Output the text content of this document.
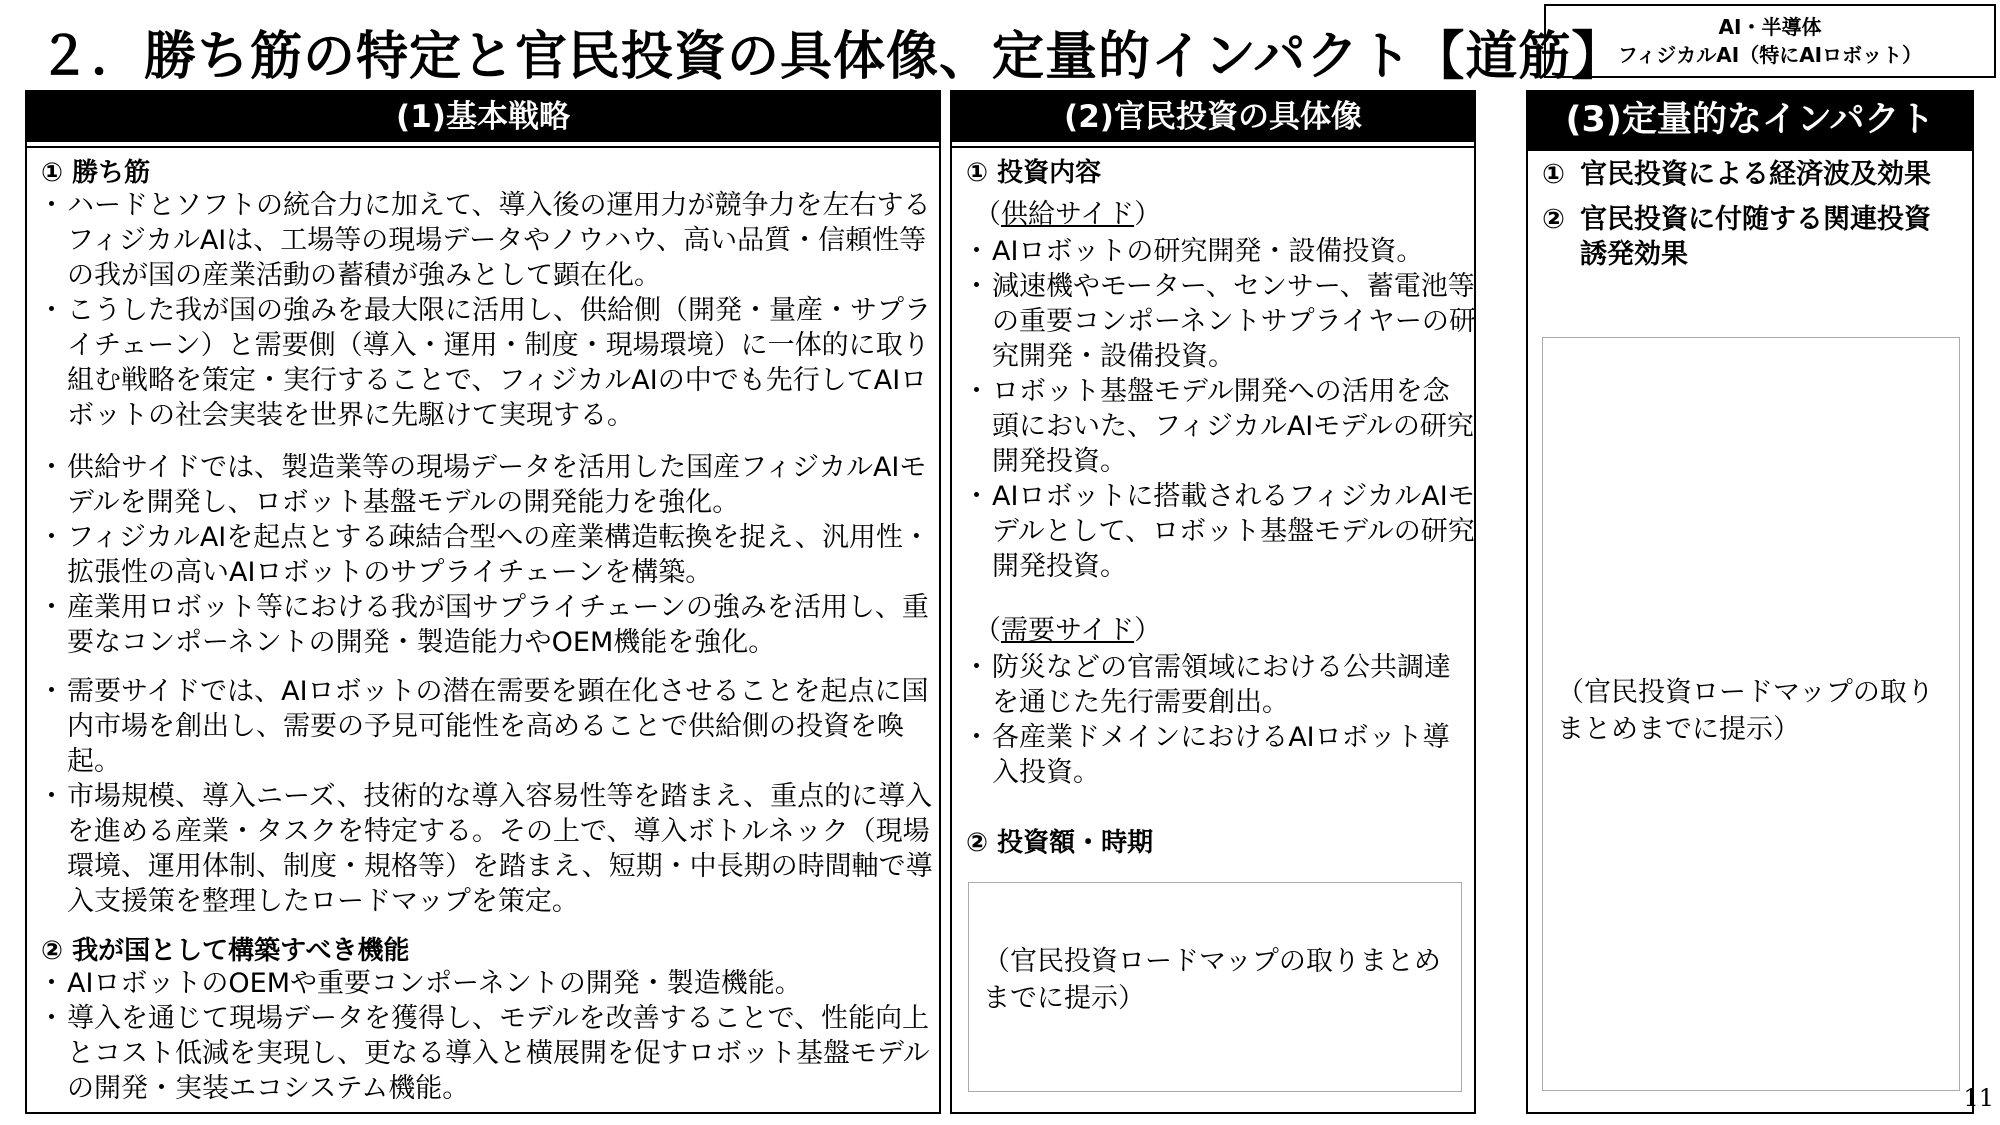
２．勝ち筋の特定と官民投資の具体像、定量的インパクト【道筋】	AI・半導体
フィジカルAI（特にAIロボット）
(1)基本戦略
① 勝ち筋
・ ハードとソフトの統合力に加えて、導入後の運用力が競争力を左右するフィジカルAIは、工場等の現場データやノウハウ、高い品質・信頼性等の我が国の産業活動の蓄積が強みとして顕在化。
・ こうした我が国の強みを最大限に活用し、供給側（開発・量産・サプライチェーン）と需要側（導入・運用・制度・現場環境）に一体的に取り組む戦略を策定・実行することで、フィジカルAIの中でも先行してAIロボットの社会実装を世界に先駆けて実現する。
・ 供給サイドでは、製造業等の現場データを活用した国産フィジカルAIモデルを開発し、ロボット基盤モデルの開発能力を強化。
・ フィジカルAIを起点とする疎結合型への産業構造転換を捉え、汎用性・拡張性の高いAIロボットのサプライチェーンを構築。
・ 産業用ロボット等における我が国サプライチェーンの強みを活用し、重要なコンポーネントの開発・製造能力やOEM機能を強化。
・ 需要サイドでは、AIロボットの潜在需要を顕在化させることを起点に国内市場を創出し、需要の予見可能性を高めることで供給側の投資を喚起。
・ 市場規模、導入ニーズ、技術的な導入容易性等を踏まえ、重点的に導入を進める産業・タスクを特定する。その上で、導入ボトルネック（現場環境、運用体制、制度・規格等）を踏まえ、短期・中長期の時間軸で導入支援策を整理したロードマップを策定。
② 我が国として構築すべき機能
・ AIロボットのOEMや重要コンポーネントの開発・製造機能。
・ 導入を通じて現場データを獲得し、モデルを改善することで、性能向上とコスト低減を実現し、更なる導入と横展開を促すロボット基盤モデルの開発・実装エコシステム機能。
(2)官民投資の具体像
① 投資内容
（供給サイド）
・ AIロボットの研究開発・設備投資。
・ 減速機やモーター、センサー、蓄電池等の重要コンポーネントサプライヤーの研究開発・設備投資。
・ ロボット基盤モデル開発への活用を念頭においた、フィジカルAIモデルの研究開発投資。
・ AIロボットに搭載されるフィジカルAIモデルとして、ロボット基盤モデルの研究開発投資。
（需要サイド）
・ 防災などの官需領域における公共調達を通じた先行需要創出。
・ 各産業ドメインにおけるAIロボット導入投資。
② 投資額・時期
（官民投資ロードマップの取りまとめまでに提示）
(3)定量的なインパクト
① 官民投資による経済波及効果
② 官民投資に付随する関連投資誘発効果
（官民投資ロードマップの取りまとめまでに提示）
11
